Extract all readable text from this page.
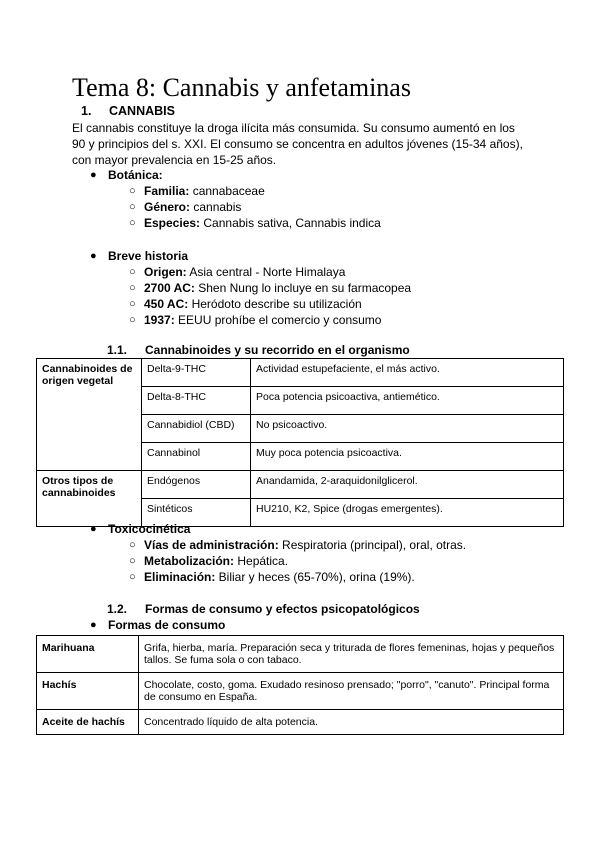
Tema 8: Cannabis y anfetaminas
1. CANNABIS
El cannabis constituye la droga ilícita más consumida. Su consumo aumentó en los
90 y principios del s. XXI. El consumo se concentra en adultos jóvenes (15-34 años),
con mayor prevalencia en 15-25 años.
● Botánica:
○ Familia: cannabaceae
○ Género: cannabis
○ Especies: Cannabis sativa, Cannabis indica
● Breve historia
○ Origen: Asia central - Norte Himalaya
○ 2700 AC: Shen Nung lo incluye en su farmacopea
○ 450 AC: Heródoto describe su utilización
○ 1937: EEUU prohíbe el comercio y consumo
1.1. Cannabinoides y su recorrido en el organismo
Cannabinoides de origen vegetal	Delta-9-THC	Actividad estupefaciente, el más activo.
	Delta-8-THC	Poca potencia psicoactiva, antiemético.
	Cannabidiol (CBD)	No psicoactivo.
	Cannabinol	Muy poca potencia psicoactiva.
Otros tipos de cannabinoides	Endógenos	Anandamida, 2-araquidonilglicerol.
	Sintéticos	HU210, K2, Spice (drogas emergentes).
● Toxicocinética
○ Vías de administración: Respiratoria (principal), oral, otras.
○ Metabolización: Hepática.
○ Eliminación: Biliar y heces (65-70%), orina (19%).
1.2. Formas de consumo y efectos psicopatológicos
● Formas de consumo
Marihuana	Grifa, hierba, maría. Preparación seca y triturada de flores femeninas, hojas y pequeños tallos. Se fuma sola o con tabaco.
Hachís	Chocolate, costo, goma. Exudado resinoso prensado; "porro", "canuto". Principal forma de consumo en España.
Aceite de hachís	Concentrado líquido de alta potencia.
